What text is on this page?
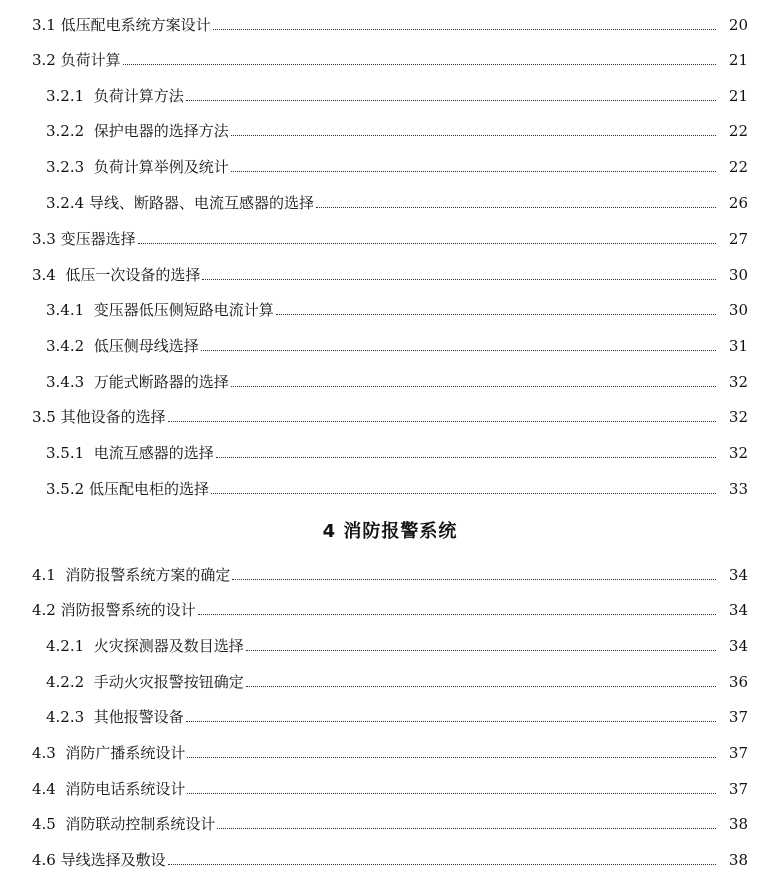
3.1 低压配电系统方案设计	20
3.2 负荷计算	21
3.2.1 负荷计算方法	21
3.2.2 保护电器的选择方法	22
3.2.3 负荷计算举例及统计	22
3.2.4 导线、断路器、电流互感器的选择	26
3.3 变压器选择	27
3.4 低压一次设备的选择	30
3.4.1 变压器低压侧短路电流计算	30
3.4.2 低压侧母线选择	31
3.4.3 万能式断路器的选择	32
3.5 其他设备的选择	32
3.5.1 电流互感器的选择	32
3.5.2 低压配电柜的选择	33
4 消防报警系统
4.1 消防报警系统方案的确定	34
4.2 消防报警系统的设计	34
4.2.1 火灾探测器及数目选择	34
4.2.2 手动火灾报警按钮确定	36
4.2.3 其他报警设备	37
4.3 消防广播系统设计	37
4.4 消防电话系统设计	37
4.5 消防联动控制系统设计	38
4.6 导线选择及敷设	38
